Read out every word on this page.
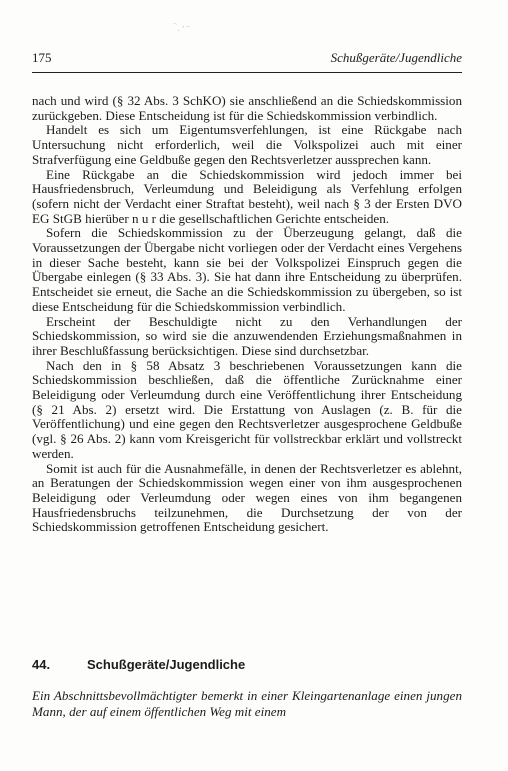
⁻ˎ⸱⁻
175	Schußgeräte/Jugendliche

nach und wird (§ 32 Abs. 3 SchKO) sie anschließend an die Schiedskommission zurückgeben. Diese Entscheidung ist für die Schiedskommission verbindlich.

Handelt es sich um Eigentumsverfehlungen, ist eine Rückgabe nach Untersuchung nicht erforderlich, weil die Volkspolizei auch mit einer Strafverfügung eine Geldbuße gegen den Rechtsverletzer aussprechen kann.

Eine Rückgabe an die Schiedskommission wird jedoch immer bei Hausfriedensbruch, Verleumdung und Beleidigung als Verfehlung erfolgen (sofern nicht der Verdacht einer Straftat besteht), weil nach § 3 der Ersten DVO EG StGB hierüber n u r die gesellschaftlichen Gerichte entscheiden.

Sofern die Schiedskommission zu der Überzeugung gelangt, daß die Voraussetzungen der Übergabe nicht vorliegen oder der Verdacht eines Vergehens in dieser Sache besteht, kann sie bei der Volkspolizei Einspruch gegen die Übergabe einlegen (§ 33 Abs. 3). Sie hat dann ihre Entscheidung zu überprüfen. Entscheidet sie erneut, die Sache an die Schiedskommission zu übergeben, so ist diese Entscheidung für die Schiedskommission verbindlich.

Erscheint der Beschuldigte nicht zu den Verhandlungen der Schiedskommission, so wird sie die anzuwendenden Erziehungsmaßnahmen in ihrer Beschlußfassung berücksichtigen. Diese sind durchsetzbar.

Nach den in § 58 Absatz 3 beschriebenen Voraussetzungen kann die Schiedskommission beschließen, daß die öffentliche Zurücknahme einer Beleidigung oder Verleumdung durch eine Veröffentlichung ihrer Entscheidung (§ 21 Abs. 2) ersetzt wird. Die Erstattung von Auslagen (z. B. für die Veröffentlichung) und eine gegen den Rechtsverletzer ausgesprochene Geldbuße (vgl. § 26 Abs. 2) kann vom Kreisgericht für vollstreckbar erklärt und vollstreckt werden.

Somit ist auch für die Ausnahmefälle, in denen der Rechtsverletzer es ablehnt, an Beratungen der Schiedskommission wegen einer von ihm ausgesprochenen Beleidigung oder Verleumdung oder wegen eines von ihm begangenen Hausfriedensbruchs teilzunehmen, die Durchsetzung der von der Schiedskommission getroffenen Entscheidung gesichert.

44.	Schußgeräte/Jugendliche

Ein Abschnittsbevollmächtigter bemerkt in einer Kleingartenanlage einen jungen Mann, der auf einem öffentlichen Weg mit einem
